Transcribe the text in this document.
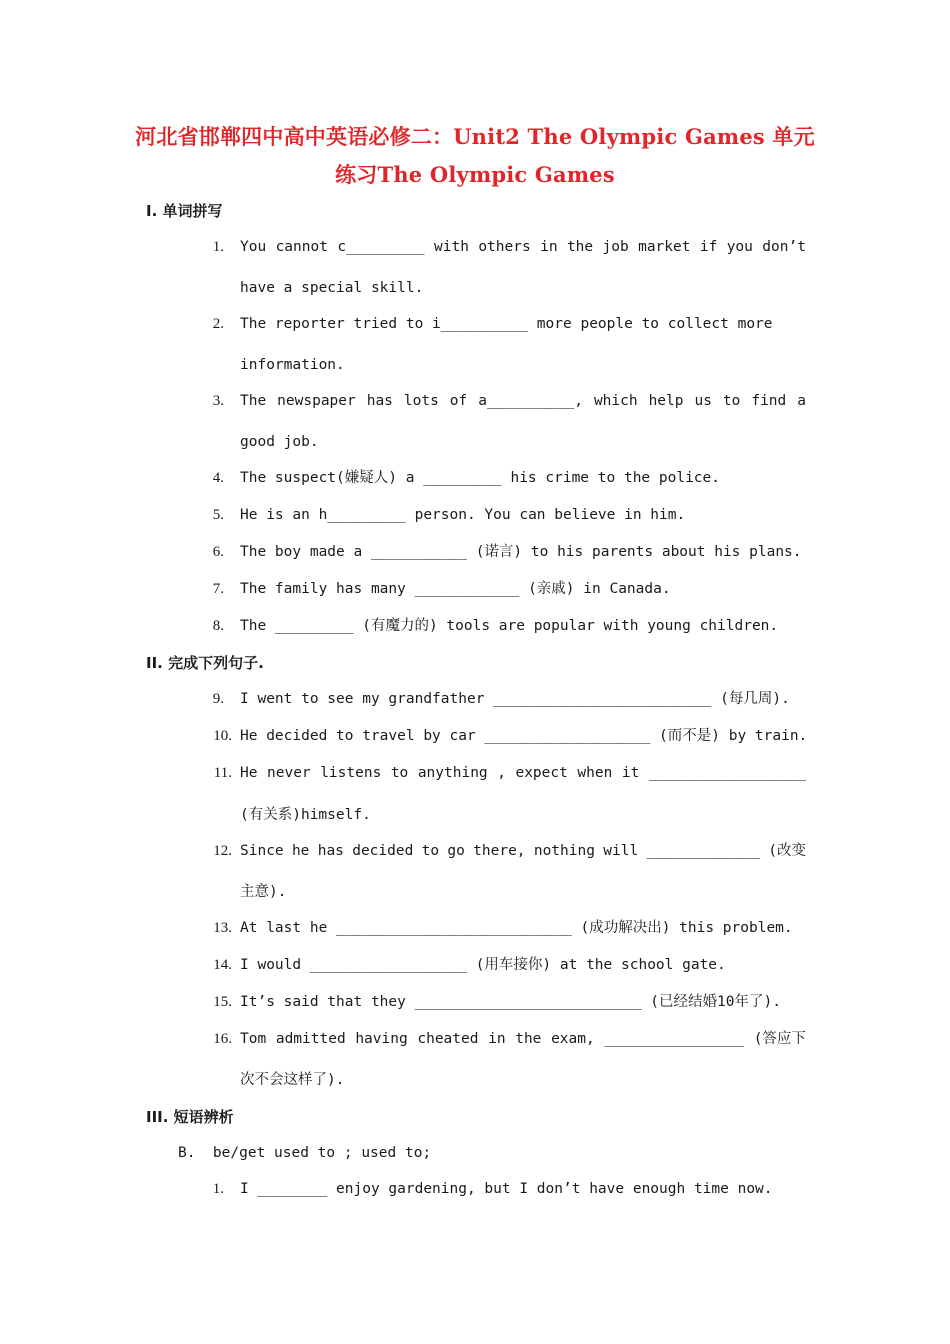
河北省邯郸四中高中英语必修二：Unit2 The Olympic Games 单元
练习The Olympic Games
I. 单词拼写
1. You cannot c_________ with others in the job market if you don’t
have a special skill.
2. The reporter tried to i__________ more people to collect more
information.
3. The newspaper has lots of a__________, which help us to find a
good job.
4. The suspect(嫌疑人) a _________ his crime to the police.
5. He is an h_________ person. You can believe in him.
6. The boy made a ___________ (诺言) to his parents about his plans.
7. The family has many ____________ (亲戚) in Canada.
8. The _________ (有魔力的) tools are popular with young children.
II. 完成下列句子.
9. I went to see my grandfather _________________________ (每几周).
10. He decided to travel by car ___________________ (而不是) by train.
11. He never listens to anything , expect when it __________________
(有关系)himself.
12. Since he has decided to go there, nothing will _____________ (改变
主意).
13. At last he ___________________________ (成功解决出) this problem.
14. I would __________________ (用车接你) at the school gate.
15. It’s said that they __________________________ (已经结婚10年了).
16. Tom admitted having cheated in the exam, ________________ (答应下
次不会这样了).
III. 短语辨析
B.  be/get used to ; used to;
1. I ________ enjoy gardening, but I don’t have enough time now.
